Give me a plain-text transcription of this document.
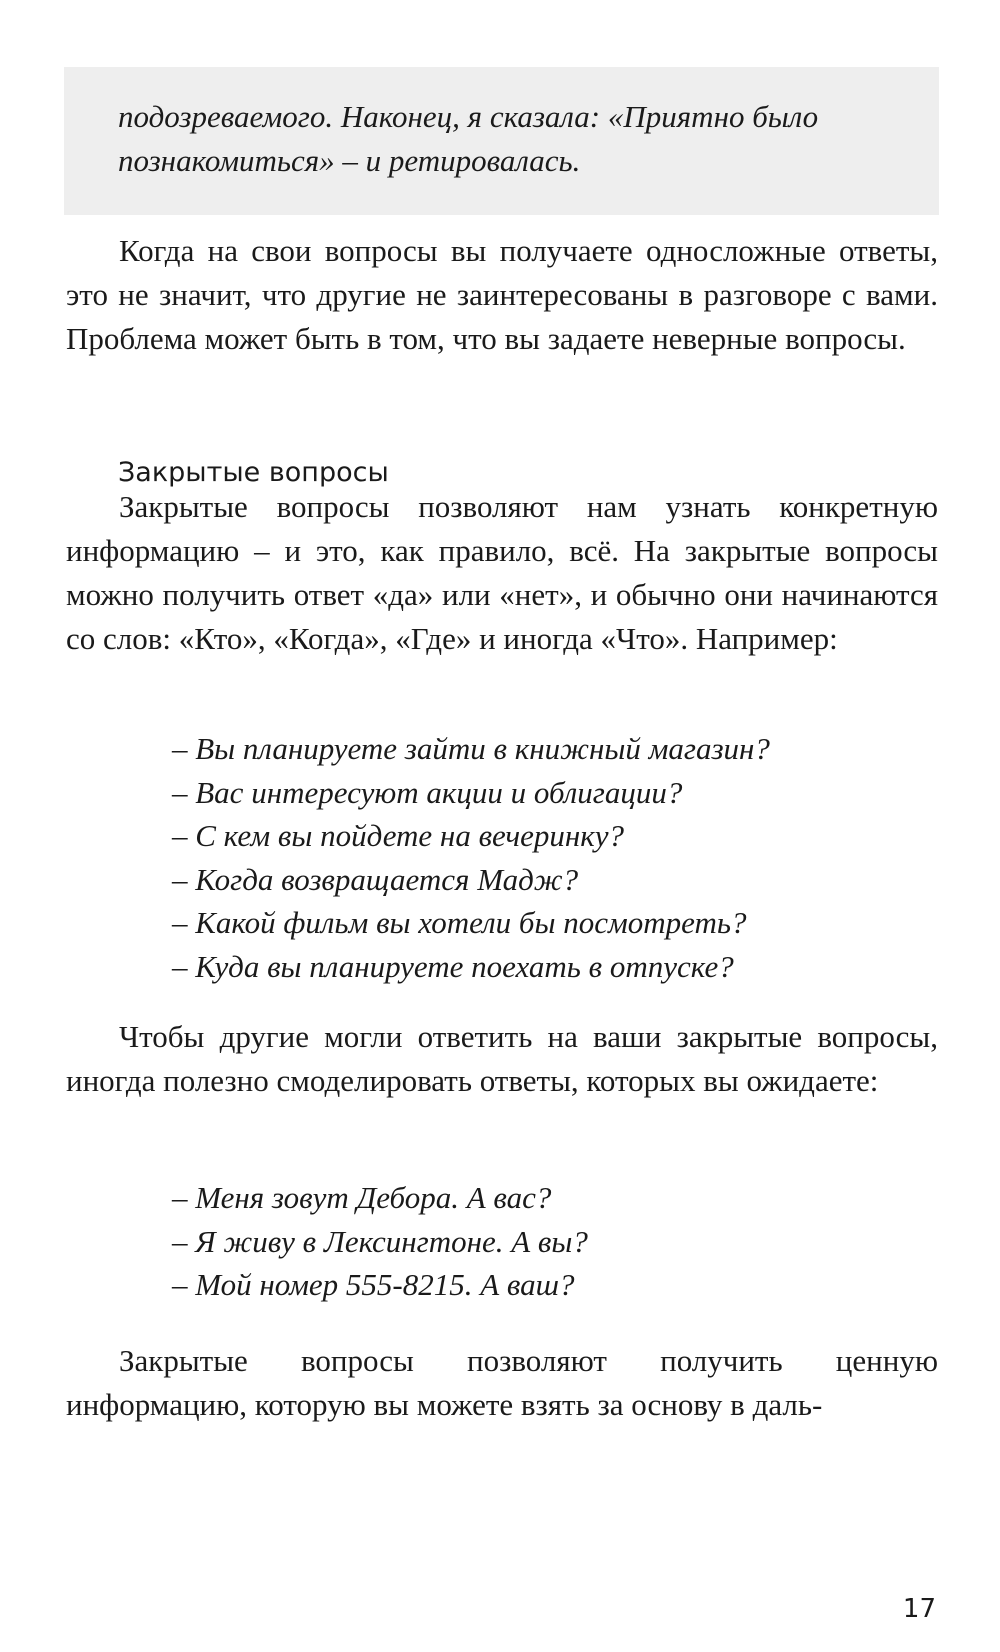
подозреваемого. Наконец, я сказала: «Приятно было познакомиться» – и ретировалась.

Когда на свои вопросы вы получаете односложные ответы, это не значит, что другие не заинтересованы в разговоре с вами. Проблема может быть в том, что вы задаете неверные вопросы.

Закрытые вопросы

Закрытые вопросы позволяют нам узнать конкретную информацию – и это, как правило, всё. На закрытые вопросы можно получить ответ «да» или «нет», и обычно они начинаются со слов: «Кто», «Когда», «Где» и иногда «Что». Например:

– Вы планируете зайти в книжный магазин?
– Вас интересуют акции и облигации?
– С кем вы пойдете на вечеринку?
– Когда возвращается Мадж?
– Какой фильм вы хотели бы посмотреть?
– Куда вы планируете поехать в отпуске?

Чтобы другие могли ответить на ваши закрытые вопросы, иногда полезно смоделировать ответы, которых вы ожидаете:

– Меня зовут Дебора. А вас?
– Я живу в Лексингтоне. А вы?
– Мой номер 555-8215. А ваш?

Закрытые вопросы позволяют получить ценную информацию, которую вы можете взять за основу в даль-

17
